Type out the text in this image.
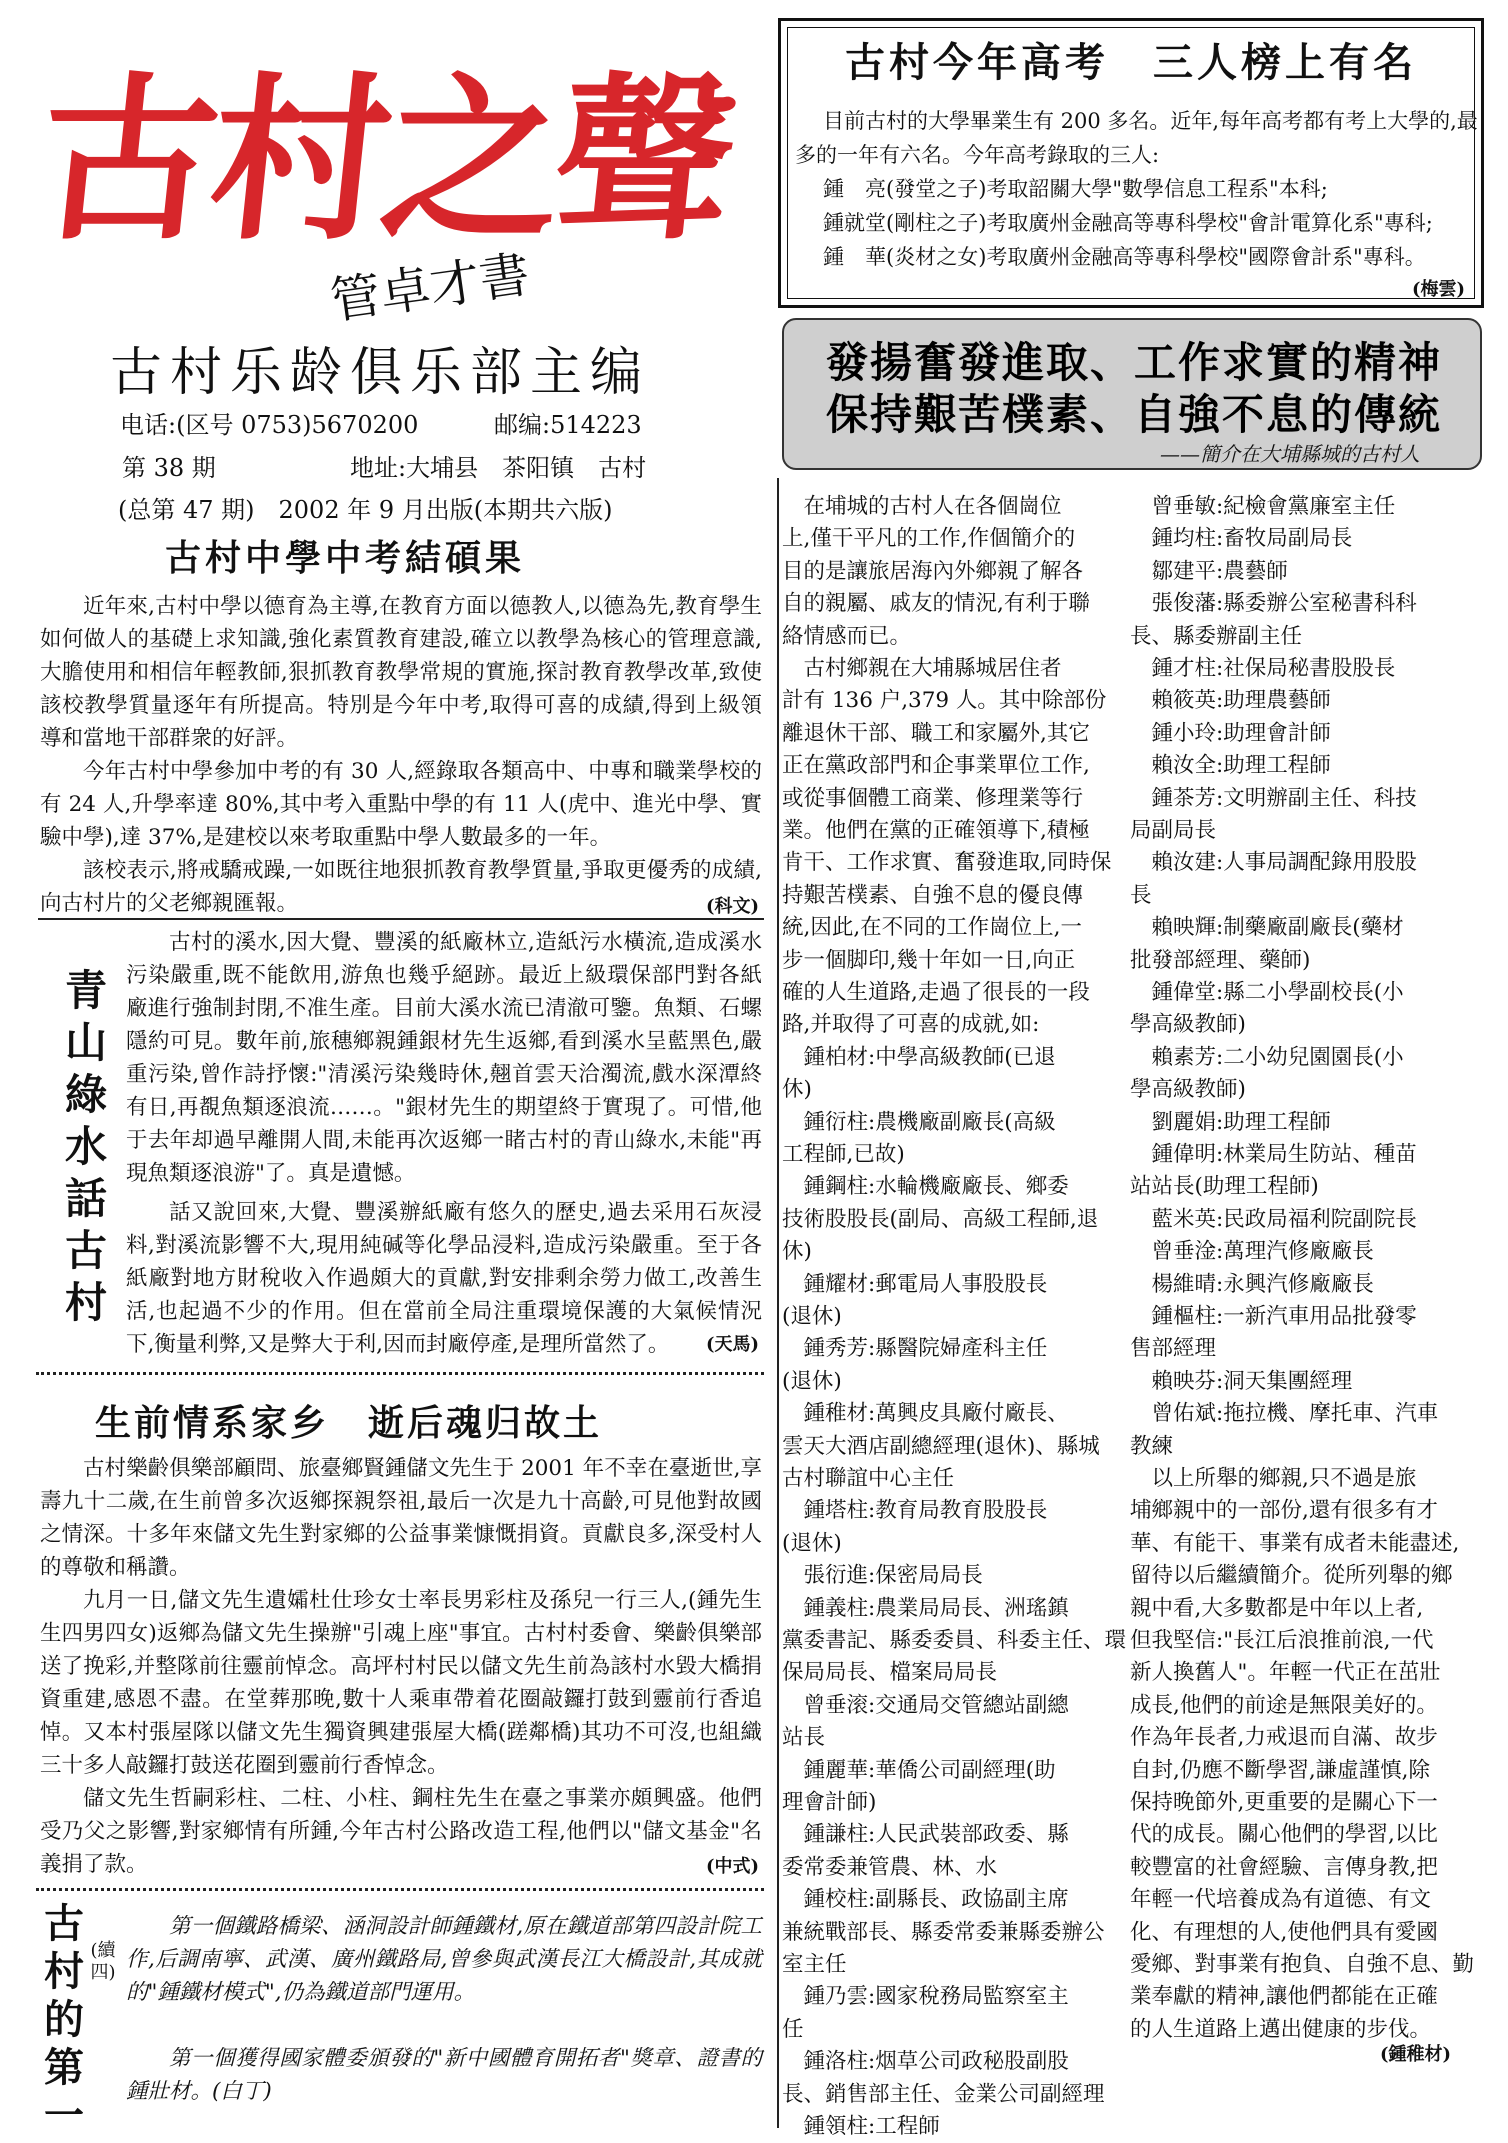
古村之聲
管卓才書
古村乐龄俱乐部主编
电话:(区号 0753)5670200	邮编:514223
第 38 期	地址:大埔县　茶阳镇　古村
(总第 47 期)　2002 年 9 月出版(本期共六版)
古村今年高考　三人榜上有名
目前古村的大學畢業生有 200 多名。近年,每年高考都有考上大學的,最
多的一年有六名。今年高考錄取的三人:
鍾　亮(發堂之子)考取韶關大學"數學信息工程系"本科;
鍾就堂(剛柱之子)考取廣州金融高等專科學校"會計電算化系"專科;
鍾　華(炎材之女)考取廣州金融高等專科學校"國際會計系"專科。
(梅雲)
發揚奮發進取、工作求實的精神
保持艱苦樸素、自強不息的傳統
——簡介在大埔縣城的古村人
古村中學中考結碩果
近年來,古村中學以德育為主導,在教育方面以德教人,以德為先,教育學生如何做人的基礎上求知識,強化素質教育建設,確立以教學為核心的管理意識,大膽使用和相信年輕教師,狠抓教育教學常規的實施,探討教育教學改革,致使該校教學質量逐年有所提高。特別是今年中考,取得可喜的成績,得到上級領導和當地干部群衆的好評。
今年古村中學參加中考的有 30 人,經錄取各類高中、中專和職業學校的有 24 人,升學率達 80%,其中考入重點中學的有 11 人(虎中、進光中學、實驗中學),達 37%,是建校以來考取重點中學人數最多的一年。
該校表示,將戒驕戒躁,一如既往地狠抓教育教學質量,爭取更優秀的成績,向古村片的父老鄉親匯報。	(科文)
青山綠水話古村
古村的溪水,因大覺、豐溪的紙廠林立,造紙污水橫流,造成溪水污染嚴重,既不能飲用,游魚也幾乎絕跡。最近上級環保部門對各紙廠進行強制封閉,不准生產。目前大溪水流已清澈可鑒。魚類、石螺隱約可見。數年前,旅穗鄉親鍾銀材先生返鄉,看到溪水呈藍黑色,嚴重污染,曾作詩抒懷:"清溪污染幾時休,翹首雲天洽濁流,戲水深潭終有日,再覩魚類逐浪流……。"銀材先生的期望終于實現了。可惜,他于去年却過早離開人間,未能再次返鄉一睹古村的青山綠水,未能"再現魚類逐浪游"了。真是遺憾。
話又說回來,大覺、豐溪辦紙廠有悠久的歷史,過去采用石灰浸料,對溪流影響不大,現用純碱等化學品浸料,造成污染嚴重。至于各紙廠對地方財稅收入作過頗大的貢獻,對安排剩余勞力做工,改善生活,也起過不少的作用。但在當前全局注重環境保護的大氣候情況下,衡量利弊,又是弊大于利,因而封廠停產,是理所當然了。	(天馬)
生前情系家乡　逝后魂归故土
古村樂齡俱樂部顧問、旅臺鄉賢鍾儲文先生于 2001 年不幸在臺逝世,享壽九十二歲,在生前曾多次返鄉探親祭祖,最后一次是九十高齡,可見他對故國之情深。十多年來儲文先生對家鄉的公益事業慷慨捐資。貢獻良多,深受村人的尊敬和稱讚。
九月一日,儲文先生遺孀杜仕珍女士率長男彩柱及孫兒一行三人,(鍾先生生四男四女)返鄉為儲文先生操辦"引魂上座"事宜。古村村委會、樂齡俱樂部送了挽彩,并整隊前往靈前悼念。高坪村村民以儲文先生前為該村水毀大橋捐資重建,感恩不盡。在堂葬那晚,數十人乘車帶着花圈敲鑼打鼓到靈前行香追悼。又本村張屋隊以儲文先生獨資興建張屋大橋(蹉鄰橋)其功不可沒,也組織三十多人敲鑼打鼓送花圈到靈前行香悼念。
儲文先生哲嗣彩柱、二柱、小柱、鋼柱先生在臺之事業亦頗興盛。他們受乃父之影響,對家鄉情有所鍾,今年古村公路改造工程,他們以"儲文基金"名義捐了款。	(中式)
古村的第一
(續四)
第一個鐵路橋梁、涵洞設計師鍾鐵材,原在鐵道部第四設計院工作,后調南寧、武漢、廣州鐵路局,曾參與武漢長江大橋設計,其成就的"鍾鐵材模式",仍為鐵道部門運用。
第一個獲得國家體委頒發的"新中國體育開拓者"獎章、證書的鍾壯材。(白丁)
　在埔城的古村人在各個崗位
上,僅干平凡的工作,作個簡介的
目的是讓旅居海內外鄉親了解各
自的親屬、戚友的情況,有利于聯
絡情感而已。
　古村鄉親在大埔縣城居住者
計有 136 户,379 人。其中除部份
離退休干部、職工和家屬外,其它
正在黨政部門和企事業單位工作,
或從事個體工商業、修理業等行
業。他們在黨的正確領導下,積極
肯干、工作求實、奮發進取,同時保
持艱苦樸素、自強不息的優良傳
統,因此,在不同的工作崗位上,一
步一個脚印,幾十年如一日,向正
確的人生道路,走過了很長的一段
路,并取得了可喜的成就,如:
　鍾柏材:中學高級教師(已退
休)
　鍾衍柱:農機廠副廠長(高級
工程師,已故)
　鍾鋼柱:水輪機廠廠長、鄉委
技術股股長(副局、高級工程師,退
休)
　鍾耀材:郵電局人事股股長
(退休)
　鍾秀芳:縣醫院婦產科主任
(退休)
　鍾稚材:萬興皮具廠付廠長、
雲天大酒店副總經理(退休)、縣城
古村聯誼中心主任
　鍾塔柱:教育局教育股股長
(退休)
　張衍進:保密局局長
　鍾義柱:農業局局長、洲瑤鎮
黨委書記、縣委委員、科委主任、環
保局局長、檔案局局長
　曾垂滚:交通局交管總站副總
站長
　鍾麗華:華僑公司副經理(助
理會計師)
　鍾謙柱:人民武裝部政委、縣
委常委兼管農、林、水
　鍾校柱:副縣長、政協副主席
兼統戰部長、縣委常委兼縣委辦公
室主任
　鍾乃雲:國家稅務局監察室主
任
　鍾洛柱:烟草公司政秘股副股
長、銷售部主任、金業公司副經理
　鍾領柱:工程師
　曾垂敏:紀檢會黨廉室主任
　鍾均柱:畜牧局副局長
　鄒建平:農藝師
　張俊藩:縣委辦公室秘書科科
長、縣委辦副主任
　鍾才柱:社保局秘書股股長
　賴筱英:助理農藝師
　鍾小玲:助理會計師
　賴汝全:助理工程師
　鍾茶芳:文明辦副主任、科技
局副局長
　賴汝建:人事局調配錄用股股
長
　賴映輝:制藥廠副廠長(藥材
批發部經理、藥師)
　鍾偉堂:縣二小學副校長(小
學高級教師)
　賴素芳:二小幼兒園園長(小
學高級教師)
　劉麗娟:助理工程師
　鍾偉明:林業局生防站、種苗
站站長(助理工程師)
　藍米英:民政局福利院副院長
　曾垂淦:萬理汽修廠廠長
　楊維晴:永興汽修廠廠長
　鍾樞柱:一新汽車用品批發零
售部經理
　賴映芬:洞天集團經理
　曾佑斌:拖拉機、摩托車、汽車
教練
　以上所舉的鄉親,只不過是旅
埔鄉親中的一部份,還有很多有才
華、有能干、事業有成者未能盡述,
留待以后繼續簡介。從所列舉的鄉
親中看,大多數都是中年以上者,
但我堅信:"長江后浪推前浪,一代
新人換舊人"。年輕一代正在茁壯
成長,他們的前途是無限美好的。
作為年長者,力戒退而自滿、故步
自封,仍應不斷學習,謙虛謹慎,除
保持晚節外,更重要的是關心下一
代的成長。關心他們的學習,以比
較豐富的社會經驗、言傳身教,把
年輕一代培養成為有道德、有文
化、有理想的人,使他們具有愛國
愛鄉、對事業有抱負、自強不息、勤
業奉獻的精神,讓他們都能在正確
的人生道路上邁出健康的步伐。
(鍾稚材)
